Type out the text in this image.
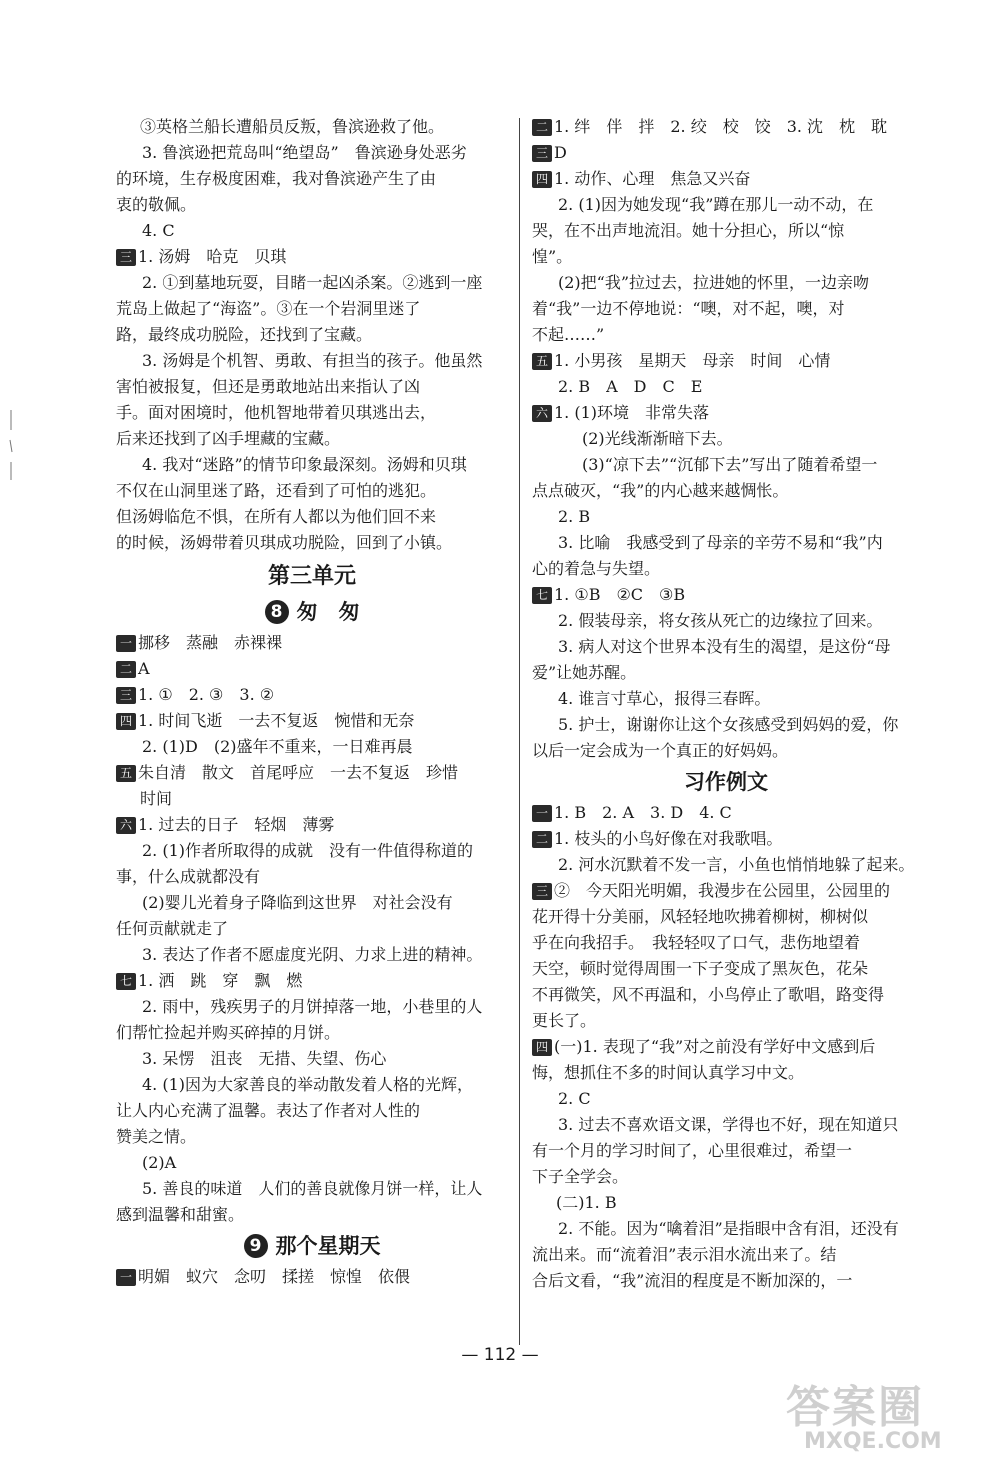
③英格兰船长遭船员反叛，鲁滨逊救了他。
3. 鲁滨逊把荒岛叫“绝望岛”　鲁滨逊身处恶劣
的环境，生存极度困难，我对鲁滨逊产生了由
衷的敬佩。
4. C
三 1. 汤姆　哈克　贝琪
2. ①到墓地玩耍，目睹一起凶杀案。②逃到一座
荒岛上做起了“海盗”。③在一个岩洞里迷了
路，最终成功脱险，还找到了宝藏。
3. 汤姆是个机智、勇敢、有担当的孩子。他虽然
害怕被报复，但还是勇敢地站出来指认了凶
手。面对困境时，他机智地带着贝琪逃出去，
后来还找到了凶手埋藏的宝藏。
4. 我对“迷路”的情节印象最深刻。汤姆和贝琪
不仅在山洞里迷了路，还看到了可怕的逃犯。
但汤姆临危不惧，在所有人都以为他们回不来
的时候，汤姆带着贝琪成功脱险，回到了小镇。
第三单元
8 匆　匆
一 挪移　蒸融　赤裸裸
二 A
三 1. ①　2. ③　3. ②
四 1. 时间飞逝　一去不复返　惋惜和无奈
2. (1)D　(2)盛年不重来，一日难再晨
五 朱自清　散文　首尾呼应　一去不复返　珍惜
时间
六 1. 过去的日子　轻烟　薄雾
2. (1)作者所取得的成就　没有一件值得称道的
事，什么成就都没有
(2)婴儿光着身子降临到这世界　对社会没有
任何贡献就走了
3. 表达了作者不愿虚度光阴、力求上进的精神。
七 1. 洒　跳　穿　飘　燃
2. 雨中，残疾男子的月饼掉落一地，小巷里的人
们帮忙捡起并购买碎掉的月饼。
3. 呆愣　沮丧　无措、失望、伤心
4. (1)因为大家善良的举动散发着人格的光辉，
让人内心充满了温馨。表达了作者对人性的
赞美之情。
(2)A
5. 善良的味道　人们的善良就像月饼一样，让人
感到温馨和甜蜜。
9 那个星期天
一 明媚　蚁穴　念叨　揉搓　惊惶　依偎
二 1. 绊　伴　拌　2. 绞　校　饺　3. 沈　枕　耽
三 D
四 1. 动作、心理　焦急又兴奋
2. (1)因为她发现“我”蹲在那儿一动不动，在
哭，在不出声地流泪。她十分担心，所以“惊
惶”。
(2)把“我”拉过去，拉进她的怀里，一边亲吻
着“我”一边不停地说：“噢，对不起，噢，对
不起……”
五 1. 小男孩　星期天　母亲　时间　心情
2. B　A　D　C　E
六 1. (1)环境　非常失落
(2)光线渐渐暗下去。
(3)“凉下去”“沉郁下去”写出了随着希望一
点点破灭，“我”的内心越来越惆怅。
2. B
3. 比喻　我感受到了母亲的辛劳不易和“我”内
心的着急与失望。
七 1. ①B　②C　③B
2. 假装母亲，将女孩从死亡的边缘拉了回来。
3. 病人对这个世界本没有生的渴望，是这份“母
爱”让她苏醒。
4. 谁言寸草心，报得三春晖。
5. 护士，谢谢你让这个女孩感受到妈妈的爱，你
以后一定会成为一个真正的好妈妈。
习作例文
一 1. B　2. A　3. D　4. C
二 1. 枝头的小鸟好像在对我歌唱。
2. 河水沉默着不发一言，小鱼也悄悄地躲了起来。
三 ②　今天阳光明媚，我漫步在公园里，公园里的
花开得十分美丽，风轻轻地吹拂着柳树，柳树似
乎在向我招手。　我轻轻叹了口气，悲伤地望着
天空，顿时觉得周围一下子变成了黑灰色，花朵
不再微笑，风不再温和，小鸟停止了歌唱，路变得
更长了。
四 (一)1. 表现了“我”对之前没有学好中文感到后
悔，想抓住不多的时间认真学习中文。
2. C
3. 过去不喜欢语文课，学得也不好，现在知道只
有一个月的学习时间了，心里很难过，希望一
下子全学会。
(二)1. B
2. 不能。因为“噙着泪”是指眼中含有泪，还没有
流出来。而“流着泪”表示泪水流出来了。结
合后文看，“我”流泪的程度是不断加深的，一
— 112 —
答案圈
MXQE.COM
